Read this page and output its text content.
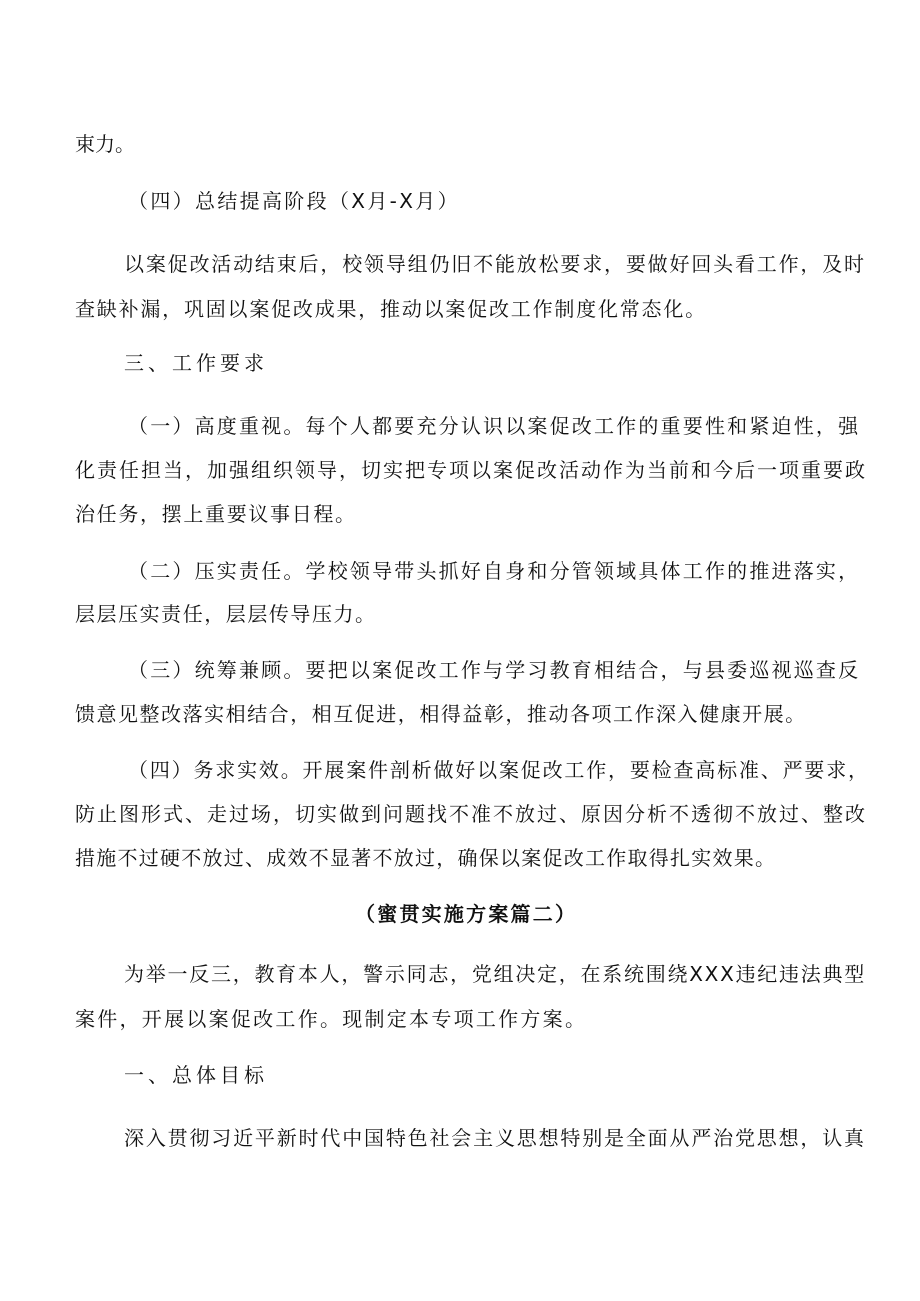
束力。
（四）总结提高阶段（X月-X月）
以案促改活动结束后，校领导组仍旧不能放松要求，要做好回头看工作，及时
查缺补漏，巩固以案促改成果，推动以案促改工作制度化常态化。
三、工作要求
（一）高度重视。每个人都要充分认识以案促改工作的重要性和紧迫性，强
化责任担当，加强组织领导，切实把专项以案促改活动作为当前和今后一项重要政
治任务，摆上重要议事日程。
（二）压实责任。学校领导带头抓好自身和分管领域具体工作的推进落实，
层层压实责任，层层传导压力。
（三）统筹兼顾。要把以案促改工作与学习教育相结合，与县委巡视巡查反
馈意见整改落实相结合，相互促进，相得益彰，推动各项工作深入健康开展。
（四）务求实效。开展案件剖析做好以案促改工作，要检查高标准、严要求，
防止图形式、走过场，切实做到问题找不准不放过、原因分析不透彻不放过、整改
措施不过硬不放过、成效不显著不放过，确保以案促改工作取得扎实效果。
（蜜贯实施方案篇二）
为举一反三，教育本人，警示同志，党组决定，在系统围绕XXX违纪违法典型
案件，开展以案促改工作。现制定本专项工作方案。
一、总体目标
深入贯彻习近平新时代中国特色社会主义思想特别是全面从严治党思想，认真
